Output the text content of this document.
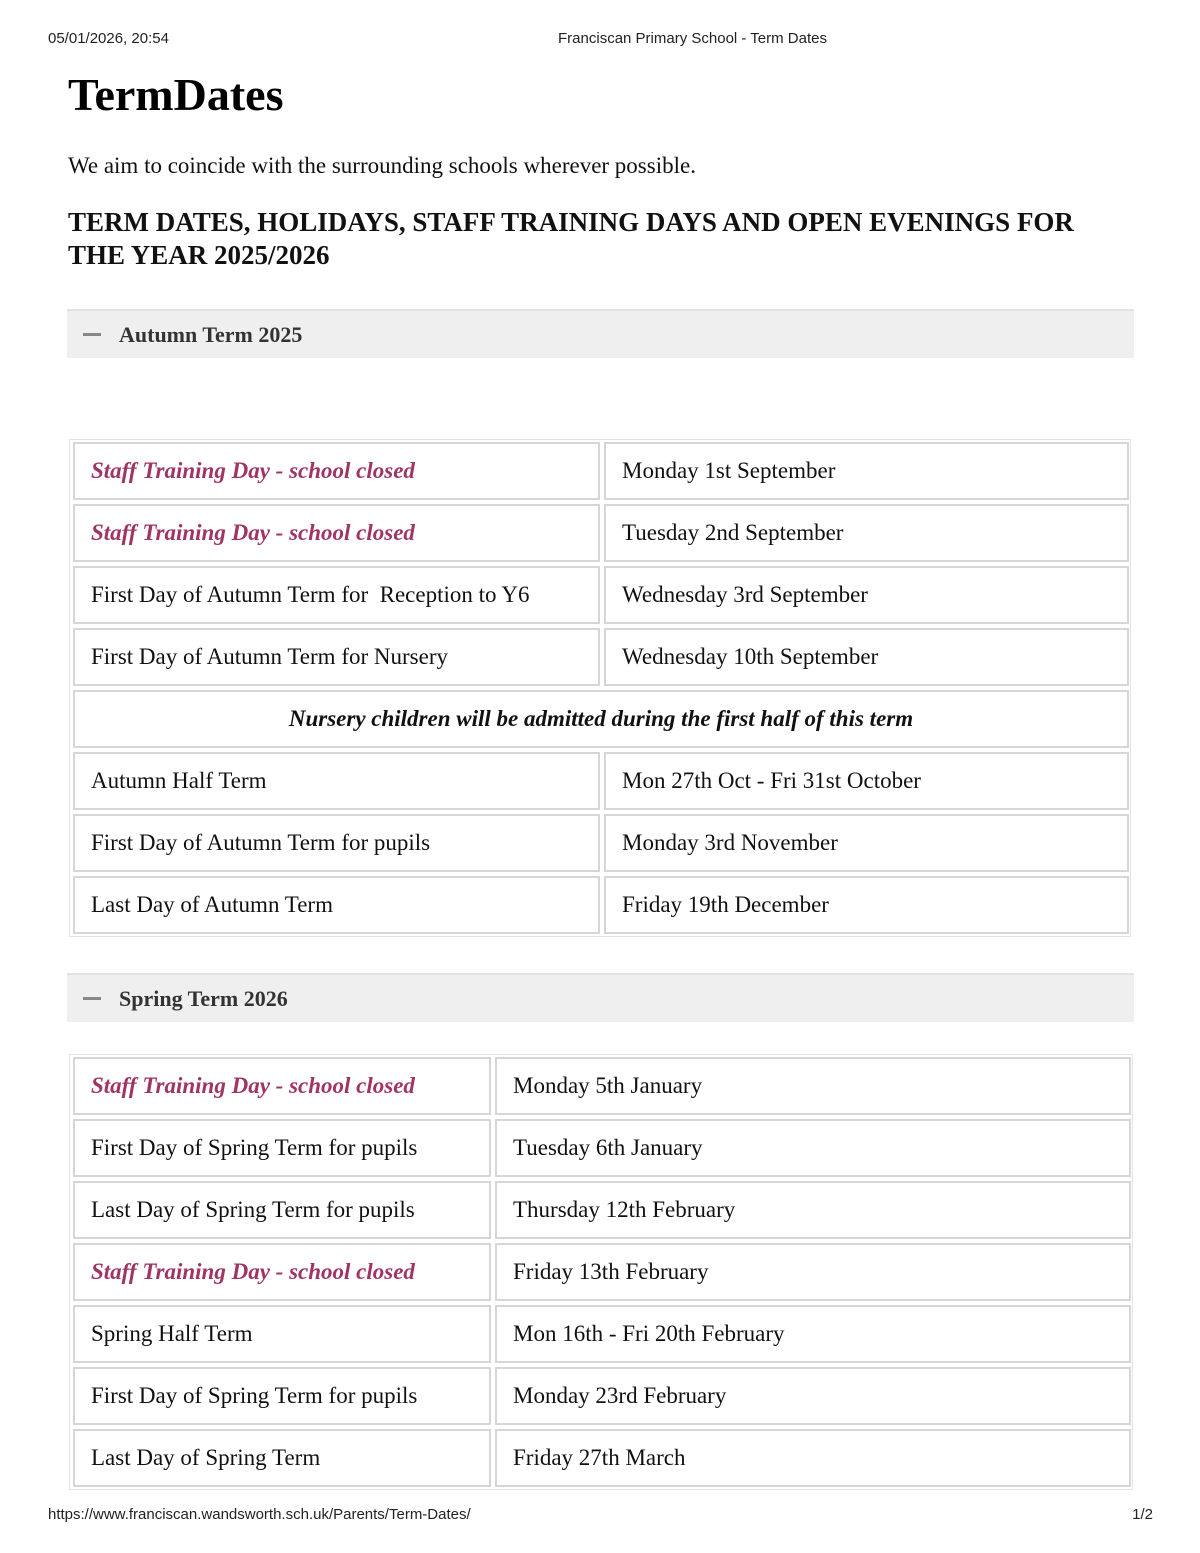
05/01/2026, 20:54	Franciscan Primary School - Term Dates
TermDates

We aim to coincide with the surrounding schools wherever possible.

TERM DATES, HOLIDAYS, STAFF TRAINING DAYS AND OPEN EVENINGS FOR THE YEAR 2025/2026
Autumn Term 2025
Staff Training Day - school closed	Monday 1st September
Staff Training Day - school closed	Tuesday 2nd September
First Day of Autumn Term for  Reception to Y6	Wednesday 3rd September
First Day of Autumn Term for Nursery	Wednesday 10th September
Nursery children will be admitted during the first half of this term
Autumn Half Term	Mon 27th Oct - Fri 31st October
First Day of Autumn Term for pupils	Monday 3rd November
Last Day of Autumn Term	Friday 19th December
Spring Term 2026
Staff Training Day - school closed	Monday 5th January
First Day of Spring Term for pupils	Tuesday 6th January
Last Day of Spring Term for pupils	Thursday 12th February
Staff Training Day - school closed	Friday 13th February
Spring Half Term	Mon 16th - Fri 20th February
First Day of Spring Term for pupils	Monday 23rd February
Last Day of Spring Term	Friday 27th March
https://www.franciscan.wandsworth.sch.uk/Parents/Term-Dates/	1/2
